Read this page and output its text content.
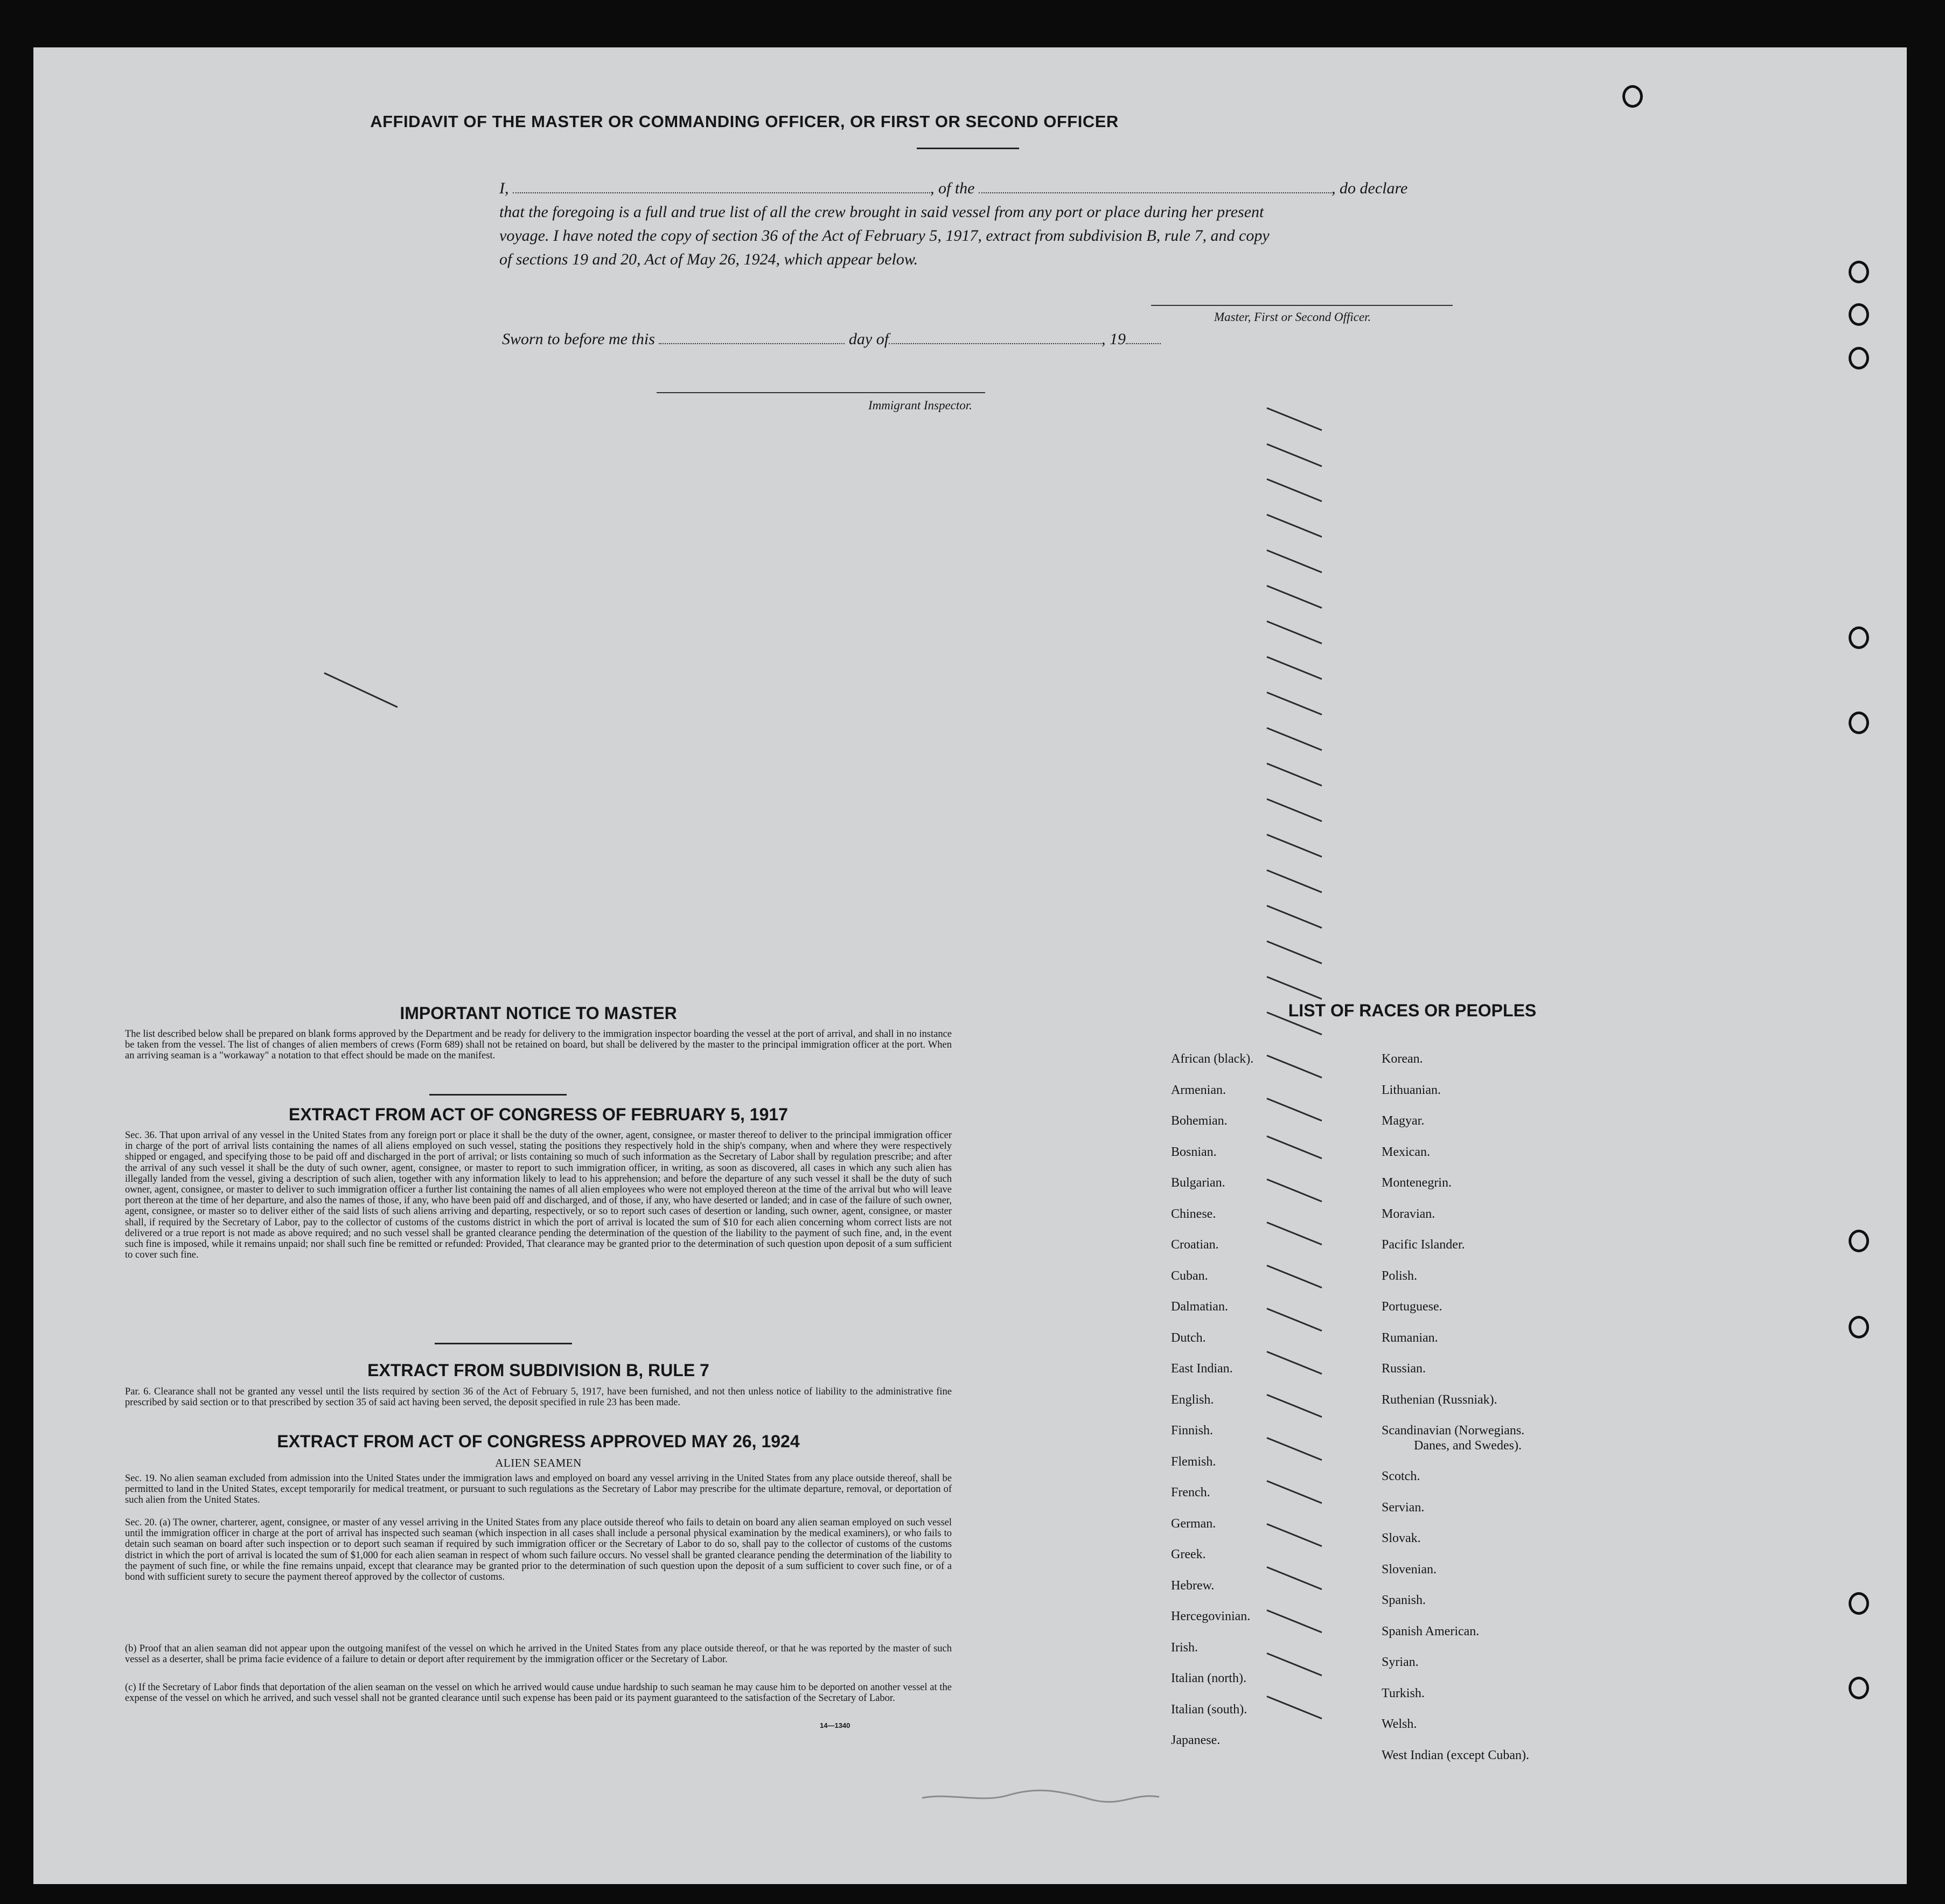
AFFIDAVIT OF THE MASTER OR COMMANDING OFFICER, OR FIRST OR SECOND OFFICER
I,	, of the	, do declare
that the foregoing is a full and true list of all the crew brought in said vessel from any port or place during her present
voyage. I have noted the copy of section 36 of the Act of February 5, 1917, extract from subdivision B, rule 7, and copy
of sections 19 and 20, Act of May 26, 1924, which appear below.
Master, First or Second Officer.
Sworn to before me this	day of	, 19
Immigrant Inspector.
IMPORTANT NOTICE TO MASTER
The list described below shall be prepared on blank forms approved by the Department and be ready for delivery to the immigration inspector boarding the vessel at the port of arrival, and shall in no instance be taken from the vessel. The list of changes of alien members of crews (Form 689) shall not be retained on board, but shall be delivered by the master to the principal immigration officer at the port. When an arriving seaman is a "workaway" a notation to that effect should be made on the manifest.
EXTRACT FROM ACT OF CONGRESS OF FEBRUARY 5, 1917
Sec. 36. That upon arrival of any vessel in the United States from any foreign port or place it shall be the duty of the owner, agent, consignee, or master thereof to deliver to the principal immigration officer in charge of the port of arrival lists containing the names of all aliens employed on such vessel, stating the positions they respectively hold in the ship's company, when and where they were respectively shipped or engaged, and specifying those to be paid off and discharged in the port of arrival; or lists containing so much of such information as the Secretary of Labor shall by regulation prescribe; and after the arrival of any such vessel it shall be the duty of such owner, agent, consignee, or master to report to such immigration officer, in writing, as soon as discovered, all cases in which any such alien has illegally landed from the vessel, giving a description of such alien, together with any information likely to lead to his apprehension; and before the departure of any such vessel it shall be the duty of such owner, agent, consignee, or master to deliver to such immigration officer a further list containing the names of all alien employees who were not employed thereon at the time of the arrival but who will leave port thereon at the time of her departure, and also the names of those, if any, who have been paid off and discharged, and of those, if any, who have deserted or landed; and in case of the failure of such owner, agent, consignee, or master so to deliver either of the said lists of such aliens arriving and departing, respectively, or so to report such cases of desertion or landing, such owner, agent, consignee, or master shall, if required by the Secretary of Labor, pay to the collector of customs of the customs district in which the port of arrival is located the sum of $10 for each alien concerning whom correct lists are not delivered or a true report is not made as above required; and no such vessel shall be granted clearance pending the determination of the question of the liability to the payment of such fine, and, in the event such fine is imposed, while it remains unpaid; nor shall such fine be remitted or refunded: Provided, That clearance may be granted prior to the determination of such question upon deposit of a sum sufficient to cover such fine.
EXTRACT FROM SUBDIVISION B, RULE 7
Par. 6. Clearance shall not be granted any vessel until the lists required by section 36 of the Act of February 5, 1917, have been furnished, and not then unless notice of liability to the administrative fine prescribed by said section or to that prescribed by section 35 of said act having been served, the deposit specified in rule 23 has been made.
EXTRACT FROM ACT OF CONGRESS APPROVED MAY 26, 1924
ALIEN SEAMEN
Sec. 19. No alien seaman excluded from admission into the United States under the immigration laws and employed on board any vessel arriving in the United States from any place outside thereof, shall be permitted to land in the United States, except temporarily for medical treatment, or pursuant to such regulations as the Secretary of Labor may prescribe for the ultimate departure, removal, or deportation of such alien from the United States.
Sec. 20. (a) The owner, charterer, agent, consignee, or master of any vessel arriving in the United States from any place outside thereof who fails to detain on board any alien seaman employed on such vessel until the immigration officer in charge at the port of arrival has inspected such seaman (which inspection in all cases shall include a personal physical examination by the medical examiners), or who fails to detain such seaman on board after such inspection or to deport such seaman if required by such immigration officer or the Secretary of Labor to do so, shall pay to the collector of customs of the customs district in which the port of arrival is located the sum of $1,000 for each alien seaman in respect of whom such failure occurs. No vessel shall be granted clearance pending the determination of the liability to the payment of such fine, or while the fine remains unpaid, except that clearance may be granted prior to the determination of such question upon the deposit of a sum sufficient to cover such fine, or of a bond with sufficient surety to secure the payment thereof approved by the collector of customs.
(b) Proof that an alien seaman did not appear upon the outgoing manifest of the vessel on which he arrived in the United States from any place outside thereof, or that he was reported by the master of such vessel as a deserter, shall be prima facie evidence of a failure to detain or deport after requirement by the immigration officer or the Secretary of Labor.
(c) If the Secretary of Labor finds that deportation of the alien seaman on the vessel on which he arrived would cause undue hardship to such seaman he may cause him to be deported on another vessel at the expense of the vessel on which he arrived, and such vessel shall not be granted clearance until such expense has been paid or its payment guaranteed to the satisfaction of the Secretary of Labor.
14—1340
LIST OF RACES OR PEOPLES
African (black).
Armenian.
Bohemian.
Bosnian.
Bulgarian.
Chinese.
Croatian.
Cuban.
Dalmatian.
Dutch.
East Indian.
English.
Finnish.
Flemish.
French.
German.
Greek.
Hebrew.
Hercegovinian.
Irish.
Italian (north).
Italian (south).
Japanese.
Korean.
Lithuanian.
Magyar.
Mexican.
Montenegrin.
Moravian.
Pacific Islander.
Polish.
Portuguese.
Rumanian.
Russian.
Ruthenian (Russniak).
Scandinavian (Norwegians.
Danes, and Swedes).
Scotch.
Servian.
Slovak.
Slovenian.
Spanish.
Spanish American.
Syrian.
Turkish.
Welsh.
West Indian (except Cuban).
